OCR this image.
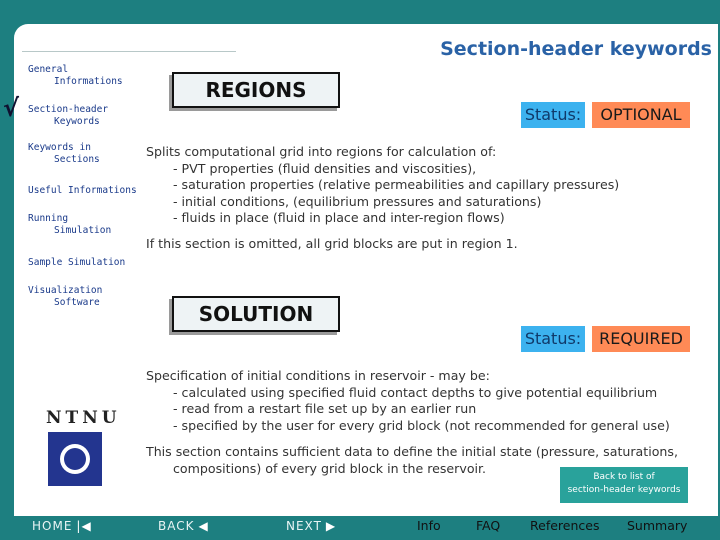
Section-header keywords
General
Informations
√ Section-header
Keywords
Keywords in
Sections
Useful Informations
Running
Simulation
Sample Simulation
Visualization
Software
REGIONS
Status:	OPTIONAL
Splits computational grid into regions for calculation of:
- PVT properties (fluid densities and viscosities),
- saturation properties (relative permeabilities and capillary pressures)
- initial conditions, (equilibrium pressures and saturations)
- fluids in place (fluid in place and inter-region flows)
If this section is omitted, all grid blocks are put in region 1.
SOLUTION
Status:	REQUIRED
Specification of initial conditions in reservoir - may be:
- calculated using specified fluid contact depths to give potential equilibrium
- read from a restart file set up by an earlier run
- specified by the user for every grid block (not recommended for general use)
This section contains sufficient data to define the initial state (pressure, saturations,
compositions) of every grid block in the reservoir.
NTNU
Back to list of
section-header keywords
HOME |◀	BACK ◀	NEXT ▶	Info	FAQ References Summary
